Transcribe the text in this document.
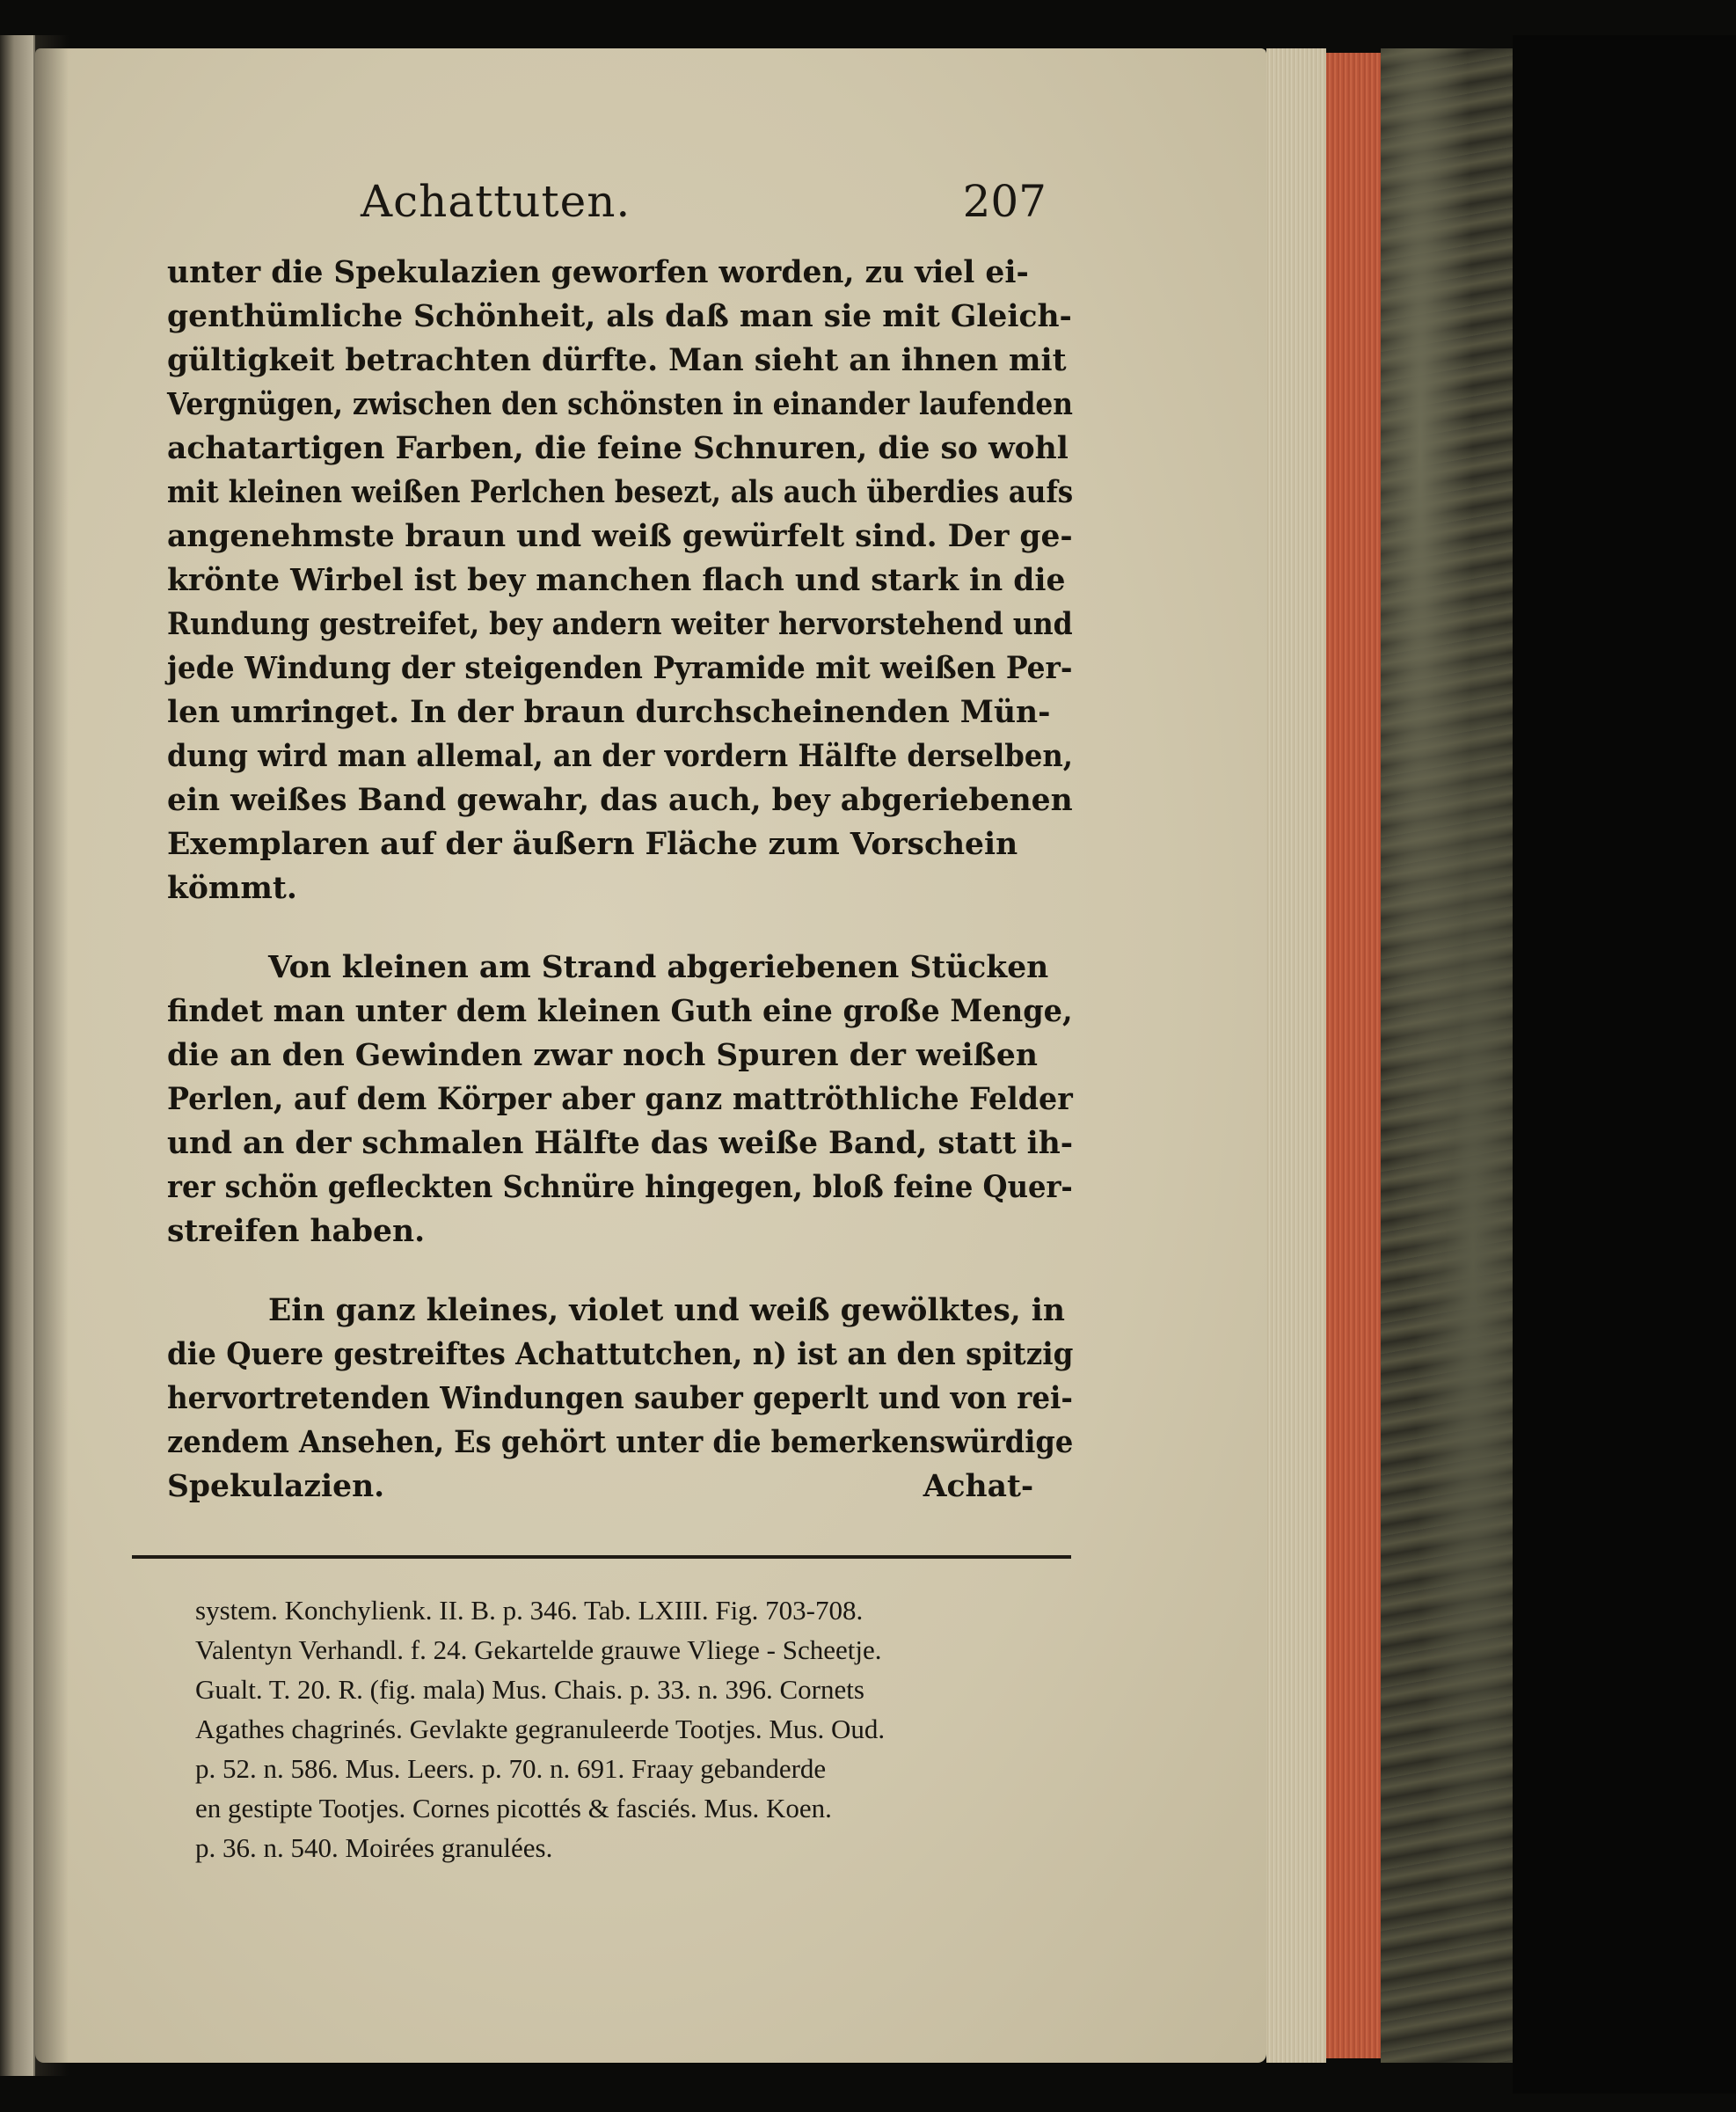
Achattuten.	207

unter die Spekulazien geworfen worden, zu viel ei-
genthümliche Schönheit, als daß man sie mit Gleich-
gültigkeit betrachten dürfte. Man sieht an ihnen mit
Vergnügen, zwischen den schönsten in einander laufenden
achatartigen Farben, die feine Schnuren, die so wohl
mit kleinen weißen Perlchen besezt, als auch überdies aufs
angenehmste braun und weiß gewürfelt sind. Der ge-
krönte Wirbel ist bey manchen flach und stark in die
Rundung gestreifet, bey andern weiter hervorstehend und
jede Windung der steigenden Pyramide mit weißen Per-
len umringet. In der braun durchscheinenden Mün-
dung wird man allemal, an der vordern Hälfte derselben,
ein weißes Band gewahr, das auch, bey abgeriebenen
Exemplaren auf der äußern Fläche zum Vorschein
kömmt.

Von kleinen am Strand abgeriebenen Stücken
findet man unter dem kleinen Guth eine große Menge,
die an den Gewinden zwar noch Spuren der weißen
Perlen, auf dem Körper aber ganz mattröthliche Felder
und an der schmalen Hälfte das weiße Band, statt ih-
rer schön gefleckten Schnüre hingegen, bloß feine Quer-
streifen haben.

Ein ganz kleines, violet und weiß gewölktes, in
die Quere gestreiftes Achattutchen, n) ist an den spitzig
hervortretenden Windungen sauber geperlt und von rei-
zendem Ansehen, Es gehört unter die bemerkenswürdige
Spekulazien.                                                   Achat-

system. Konchylienk. II. B. p. 346. Tab. LXIII. Fig. 703-708.
Valentyn Verhandl. f. 24. Gekartelde grauwe Vliege - Scheetje.
Gualt. T. 20. R. (fig. mala) Mus. Chais. p. 33. n. 396. Cornets
Agathes chagrinés. Gevlakte gegranuleerde Tootjes. Mus. Oud.
p. 52. n. 586. Mus. Leers. p. 70. n. 691. Fraay gebanderde
en gestipte Tootjes. Cornes picottés & fasciés. Mus. Koen.
p. 36. n. 540. Moirées granulées.
